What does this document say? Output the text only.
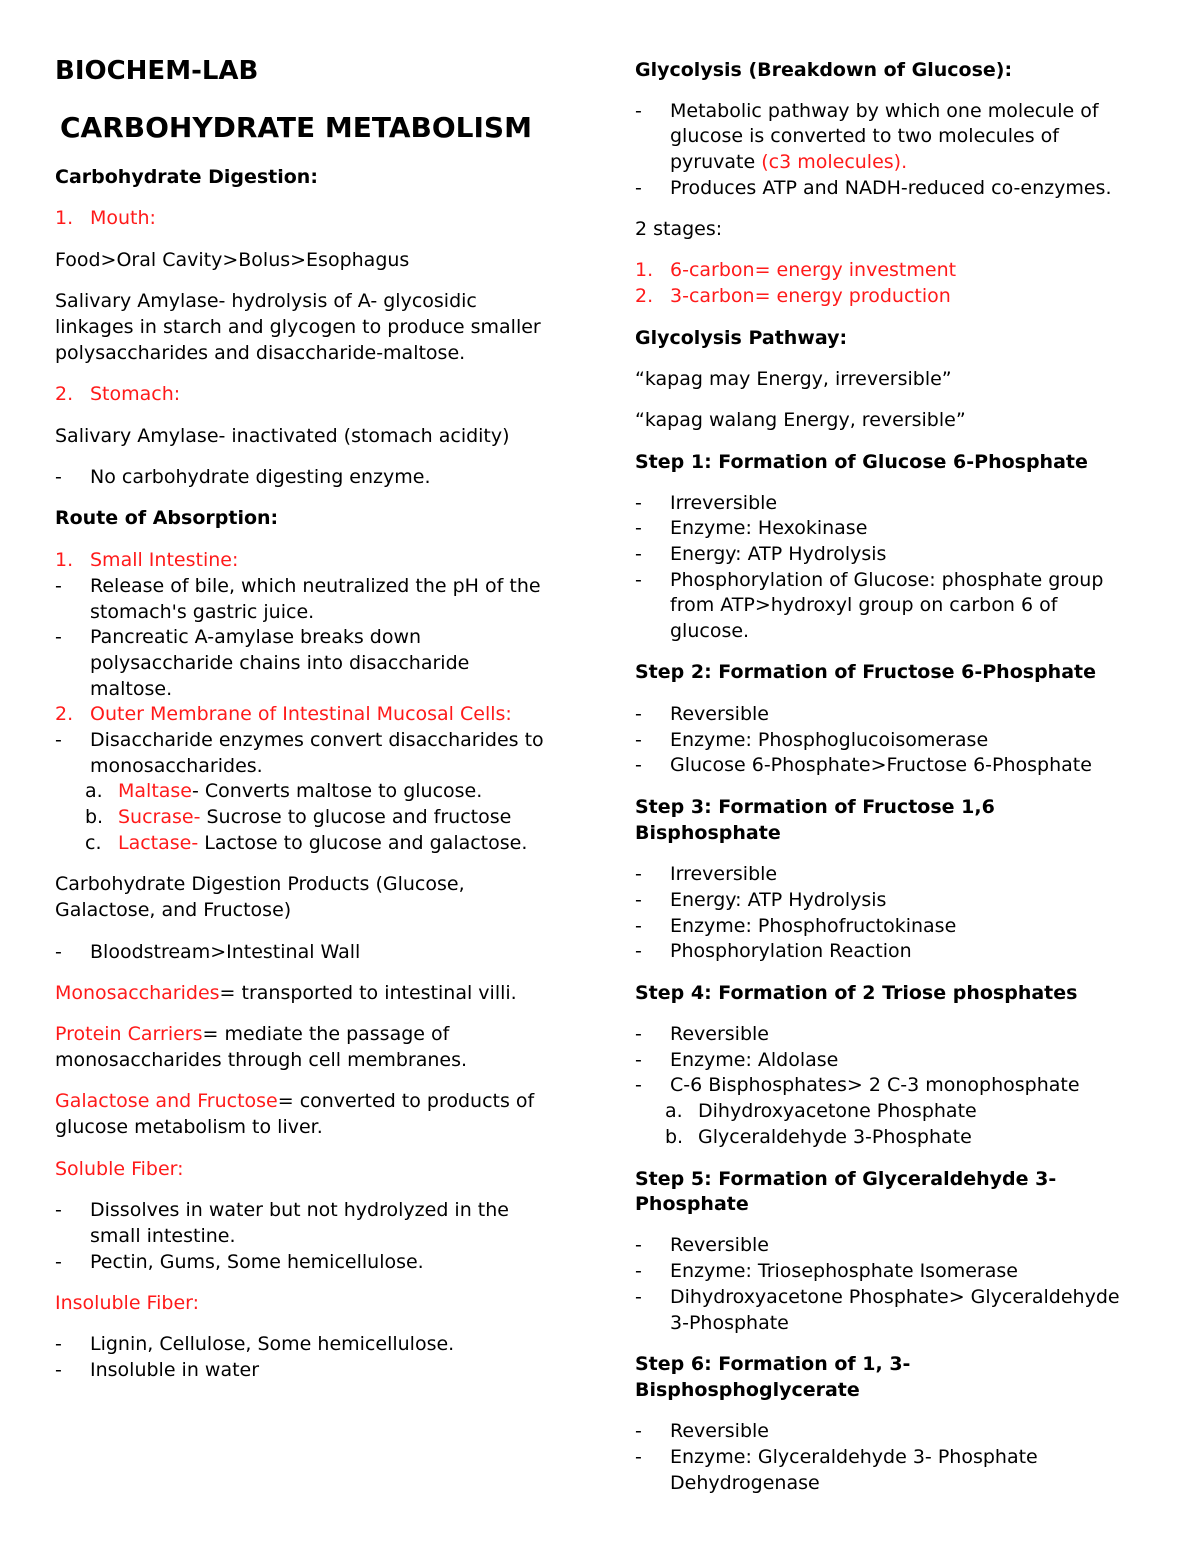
BIOCHEM-LAB
CARBOHYDRATE METABOLISM
Carbohydrate Digestion:
1. Mouth:
Food>Oral Cavity>Bolus>Esophagus
Salivary Amylase- hydrolysis of A- glycosidic
linkages in starch and glycogen to produce smaller
polysaccharides and disaccharide-maltose.
2. Stomach:
Salivary Amylase- inactivated (stomach acidity)
- No carbohydrate digesting enzyme.
Route of Absorption:
1. Small Intestine:
- Release of bile, which neutralized the pH of the
stomach's gastric juice.
- Pancreatic A-amylase breaks down
polysaccharide chains into disaccharide
maltose.
2. Outer Membrane of Intestinal Mucosal Cells:
- Disaccharide enzymes convert disaccharides to
monosaccharides.
a. Maltase- Converts maltose to glucose.
b. Sucrase- Sucrose to glucose and fructose
c. Lactase- Lactose to glucose and galactose.
Carbohydrate Digestion Products (Glucose,
Galactose, and Fructose)
- Bloodstream>Intestinal Wall
Monosaccharides= transported to intestinal villi.
Protein Carriers= mediate the passage of
monosaccharides through cell membranes.
Galactose and Fructose= converted to products of
glucose metabolism to liver.
Soluble Fiber:
- Dissolves in water but not hydrolyzed in the
small intestine.
- Pectin, Gums, Some hemicellulose.
Insoluble Fiber:
- Lignin, Cellulose, Some hemicellulose.
- Insoluble in water
Glycolysis (Breakdown of Glucose):
- Metabolic pathway by which one molecule of
glucose is converted to two molecules of
pyruvate (c3 molecules).
- Produces ATP and NADH-reduced co-enzymes.
2 stages:
1. 6-carbon= energy investment
2. 3-carbon= energy production
Glycolysis Pathway:
“kapag may Energy, irreversible”
“kapag walang Energy, reversible”
Step 1: Formation of Glucose 6-Phosphate
- Irreversible
- Enzyme: Hexokinase
- Energy: ATP Hydrolysis
- Phosphorylation of Glucose: phosphate group
from ATP>hydroxyl group on carbon 6 of
glucose.
Step 2: Formation of Fructose 6-Phosphate
- Reversible
- Enzyme: Phosphoglucoisomerase
- Glucose 6-Phosphate>Fructose 6-Phosphate
Step 3: Formation of Fructose 1,6
Bisphosphate
- Irreversible
- Energy: ATP Hydrolysis
- Enzyme: Phosphofructokinase
- Phosphorylation Reaction
Step 4: Formation of 2 Triose phosphates
- Reversible
- Enzyme: Aldolase
- C-6 Bisphosphates> 2 C-3 monophosphate
a. Dihydroxyacetone Phosphate
b. Glyceraldehyde 3-Phosphate
Step 5: Formation of Glyceraldehyde 3-
Phosphate
- Reversible
- Enzyme: Triosephosphate Isomerase
- Dihydroxyacetone Phosphate> Glyceraldehyde
3-Phosphate
Step 6: Formation of 1, 3-
Bisphosphoglycerate
- Reversible
- Enzyme: Glyceraldehyde 3- Phosphate
Dehydrogenase
